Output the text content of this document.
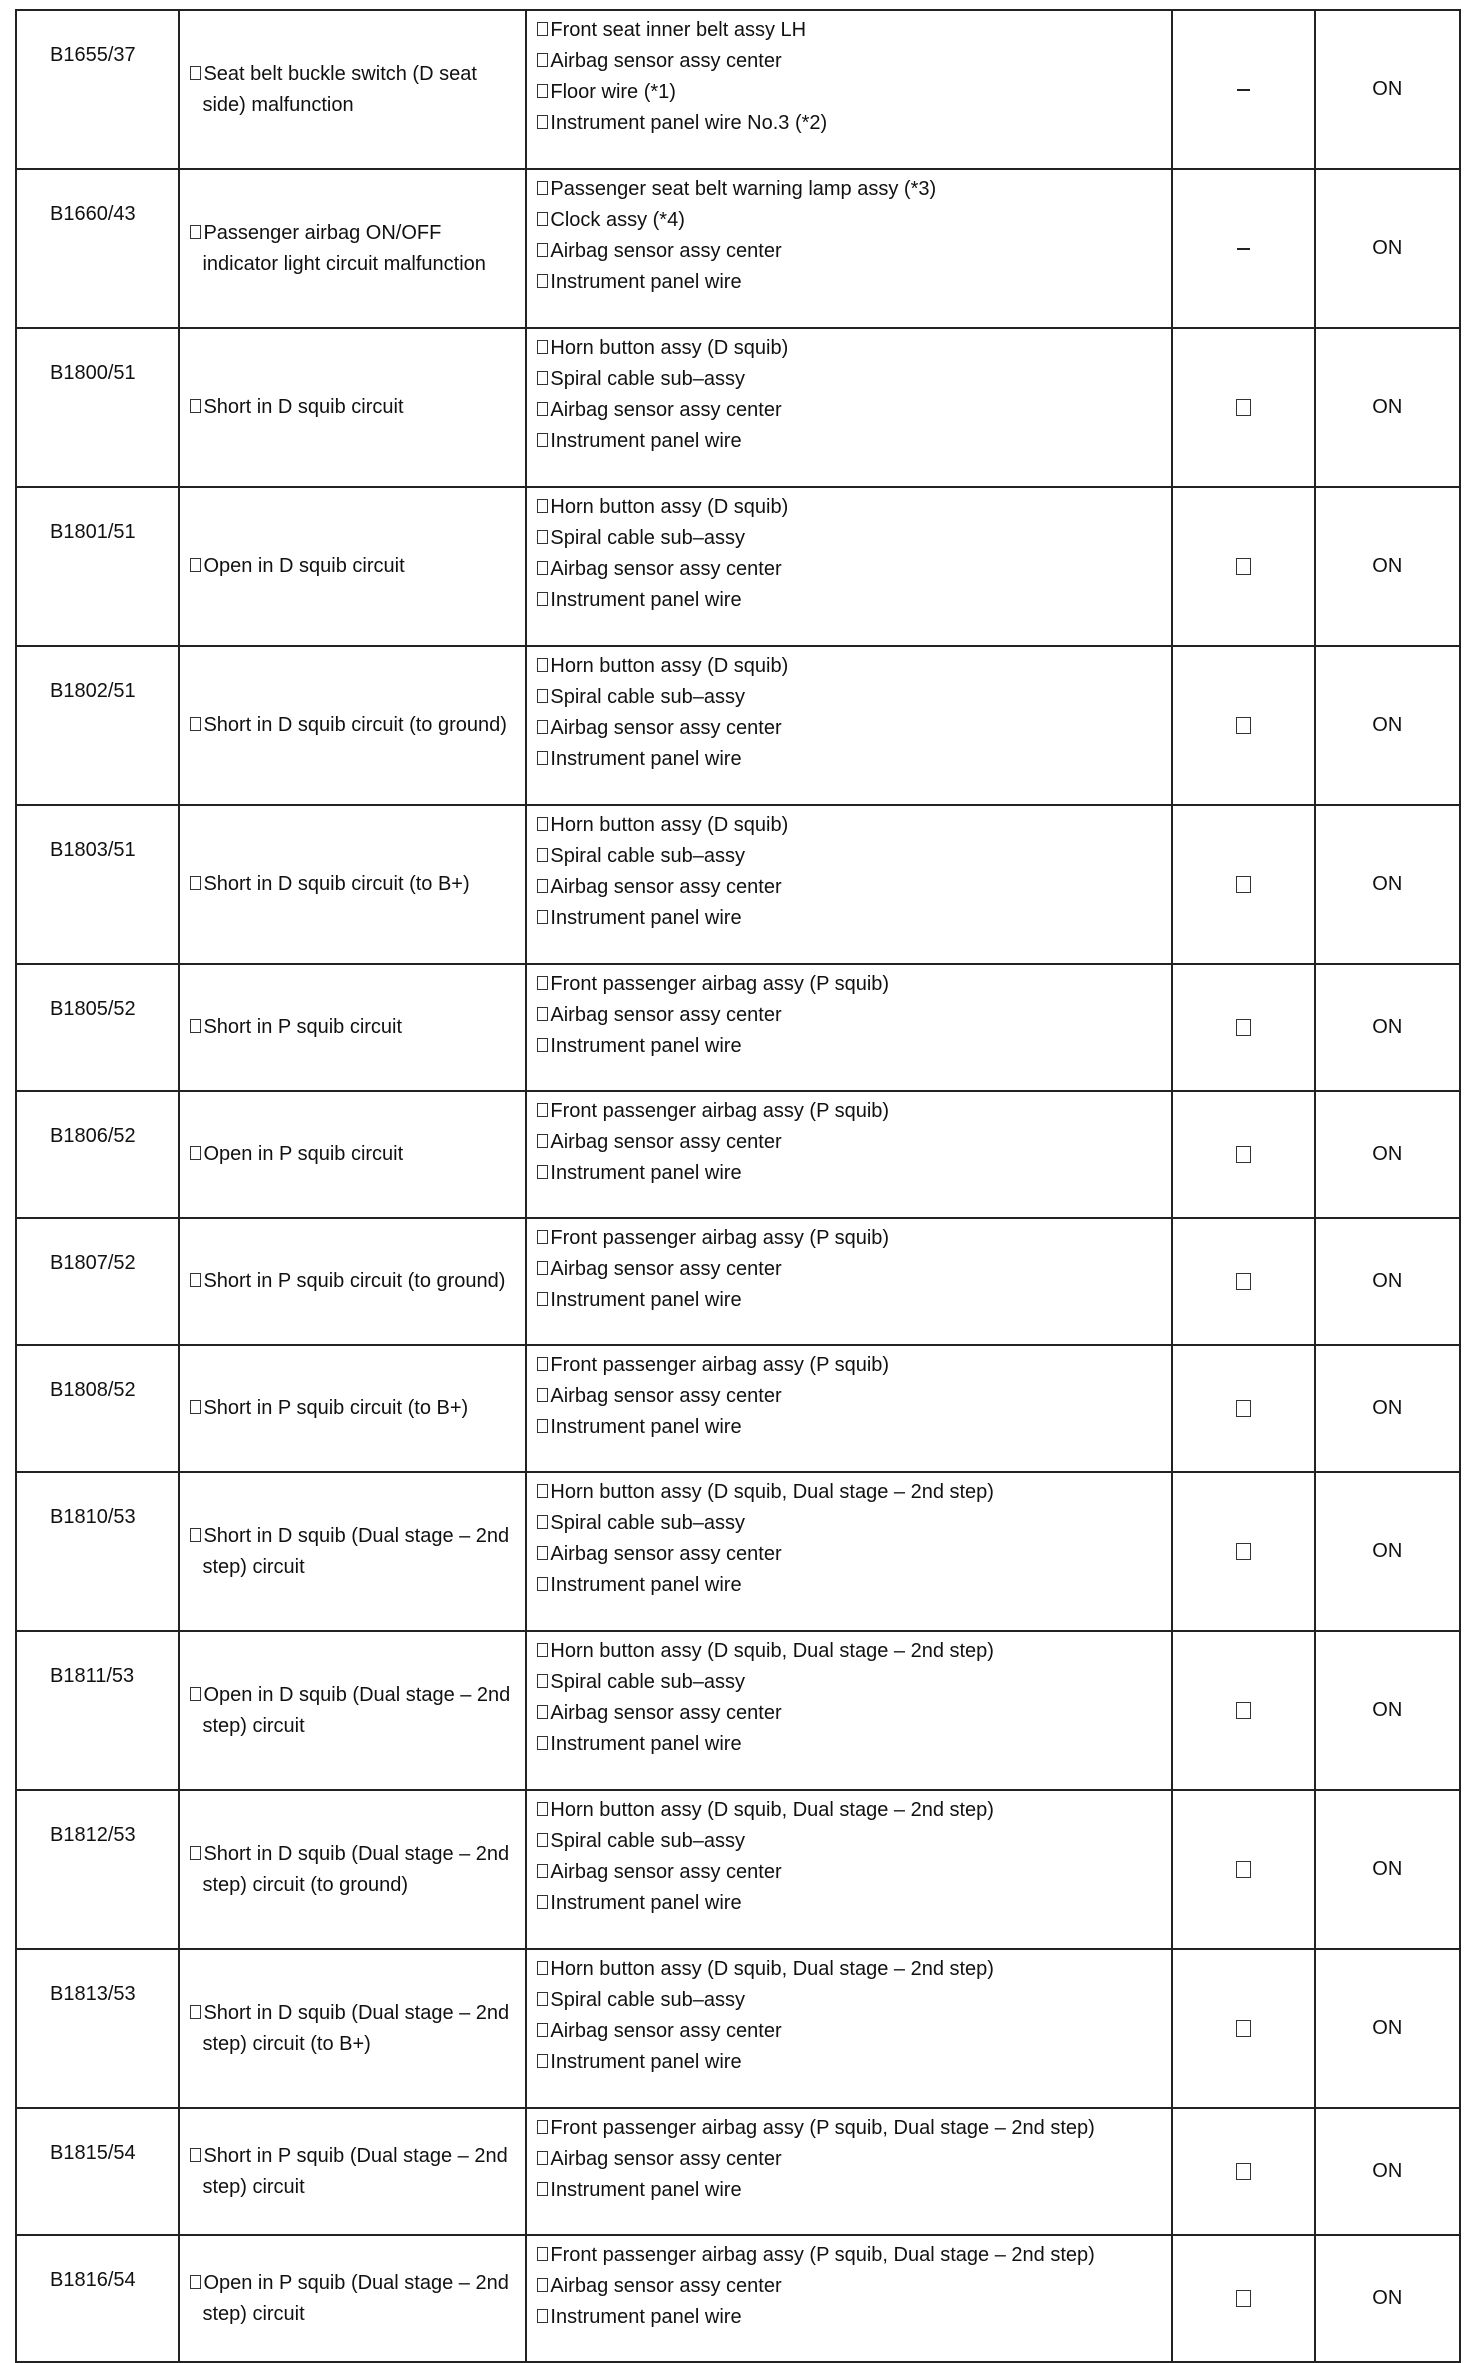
B1655/37	Seat belt buckle switch (D seat side) malfunction	Front seat inner belt assy LH
Airbag sensor assy center
Floor wire (*1)
Instrument panel wire No.3 (*2)		ON
B1660/43	Passenger airbag ON/OFF indicator light circuit malfunction	Passenger seat belt warning lamp assy (*3)
Clock assy (*4)
Airbag sensor assy center
Instrument panel wire		ON
B1800/51	Short in D squib circuit	Horn button assy (D squib)
Spiral cable sub–assy
Airbag sensor assy center
Instrument panel wire		ON
B1801/51	Open in D squib circuit	Horn button assy (D squib)
Spiral cable sub–assy
Airbag sensor assy center
Instrument panel wire		ON
B1802/51	Short in D squib circuit (to ground)	Horn button assy (D squib)
Spiral cable sub–assy
Airbag sensor assy center
Instrument panel wire		ON
B1803/51	Short in D squib circuit (to B+)	Horn button assy (D squib)
Spiral cable sub–assy
Airbag sensor assy center
Instrument panel wire		ON
B1805/52	Short in P squib circuit	Front passenger airbag assy (P squib)
Airbag sensor assy center
Instrument panel wire		ON
B1806/52	Open in P squib circuit	Front passenger airbag assy (P squib)
Airbag sensor assy center
Instrument panel wire		ON
B1807/52	Short in P squib circuit (to ground)	Front passenger airbag assy (P squib)
Airbag sensor assy center
Instrument panel wire		ON
B1808/52	Short in P squib circuit (to B+)	Front passenger airbag assy (P squib)
Airbag sensor assy center
Instrument panel wire		ON
B1810/53	Short in D squib (Dual stage – 2nd step) circuit	Horn button assy (D squib, Dual stage – 2nd step)
Spiral cable sub–assy
Airbag sensor assy center
Instrument panel wire		ON
B1811/53	Open in D squib (Dual stage – 2nd step) circuit	Horn button assy (D squib, Dual stage – 2nd step)
Spiral cable sub–assy
Airbag sensor assy center
Instrument panel wire		ON
B1812/53	Short in D squib (Dual stage – 2nd step) circuit (to ground)	Horn button assy (D squib, Dual stage – 2nd step)
Spiral cable sub–assy
Airbag sensor assy center
Instrument panel wire		ON
B1813/53	Short in D squib (Dual stage – 2nd step) circuit (to B+)	Horn button assy (D squib, Dual stage – 2nd step)
Spiral cable sub–assy
Airbag sensor assy center
Instrument panel wire		ON
B1815/54	Short in P squib (Dual stage – 2nd step) circuit	Front passenger airbag assy (P squib, Dual stage – 2nd step)
Airbag sensor assy center
Instrument panel wire		ON
B1816/54	Open in P squib (Dual stage – 2nd step) circuit	Front passenger airbag assy (P squib, Dual stage – 2nd step)
Airbag sensor assy center
Instrument panel wire		ON
